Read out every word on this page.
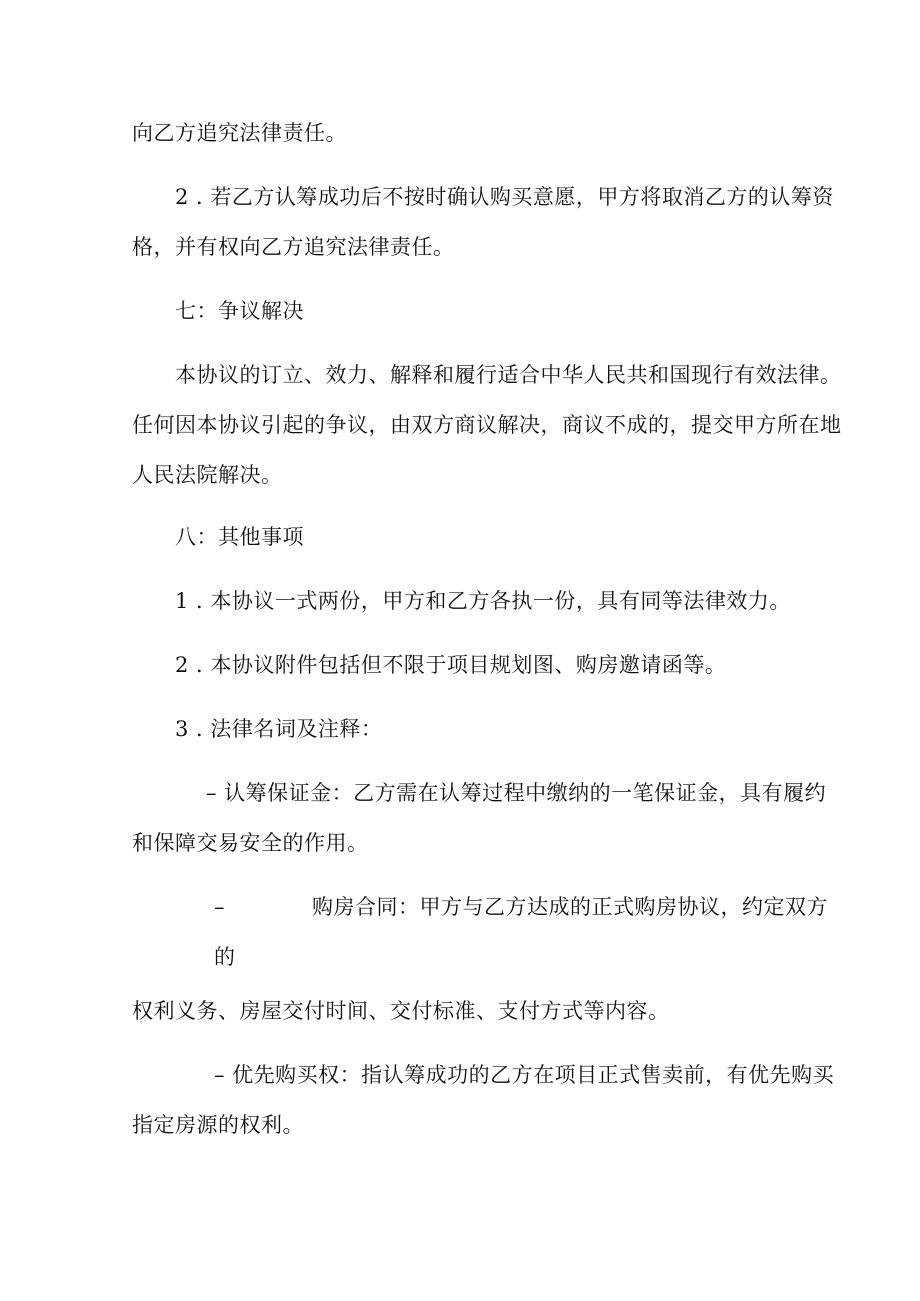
向乙方追究法律责任。
2 . 若乙方认筹成功后不按时确认购买意愿，甲方将取消乙方的认筹资
格，并有权向乙方追究法律责任。
七：争议解决
本协议的订立、效力、解释和履行适合中华人民共和国现行有效法律。
任何因本协议引起的争议，由双方商议解决，商议不成的，提交甲方所在地
人民法院解决。
八：其他事项
1 . 本协议一式两份，甲方和乙方各执一份，具有同等法律效力。
2 . 本协议附件包括但不限于项目规划图、购房邀请函等。
3 . 法律名词及注释：
– 认筹保证金：乙方需在认筹过程中缴纳的一笔保证金，具有履约
和保障交易安全的作用。
–	购房合同：甲方与乙方达成的正式购房协议，约定双方
的
权利义务、房屋交付时间、交付标准、支付方式等内容。
– 优先购买权：指认筹成功的乙方在项目正式售卖前，有优先购买
指定房源的权利。
